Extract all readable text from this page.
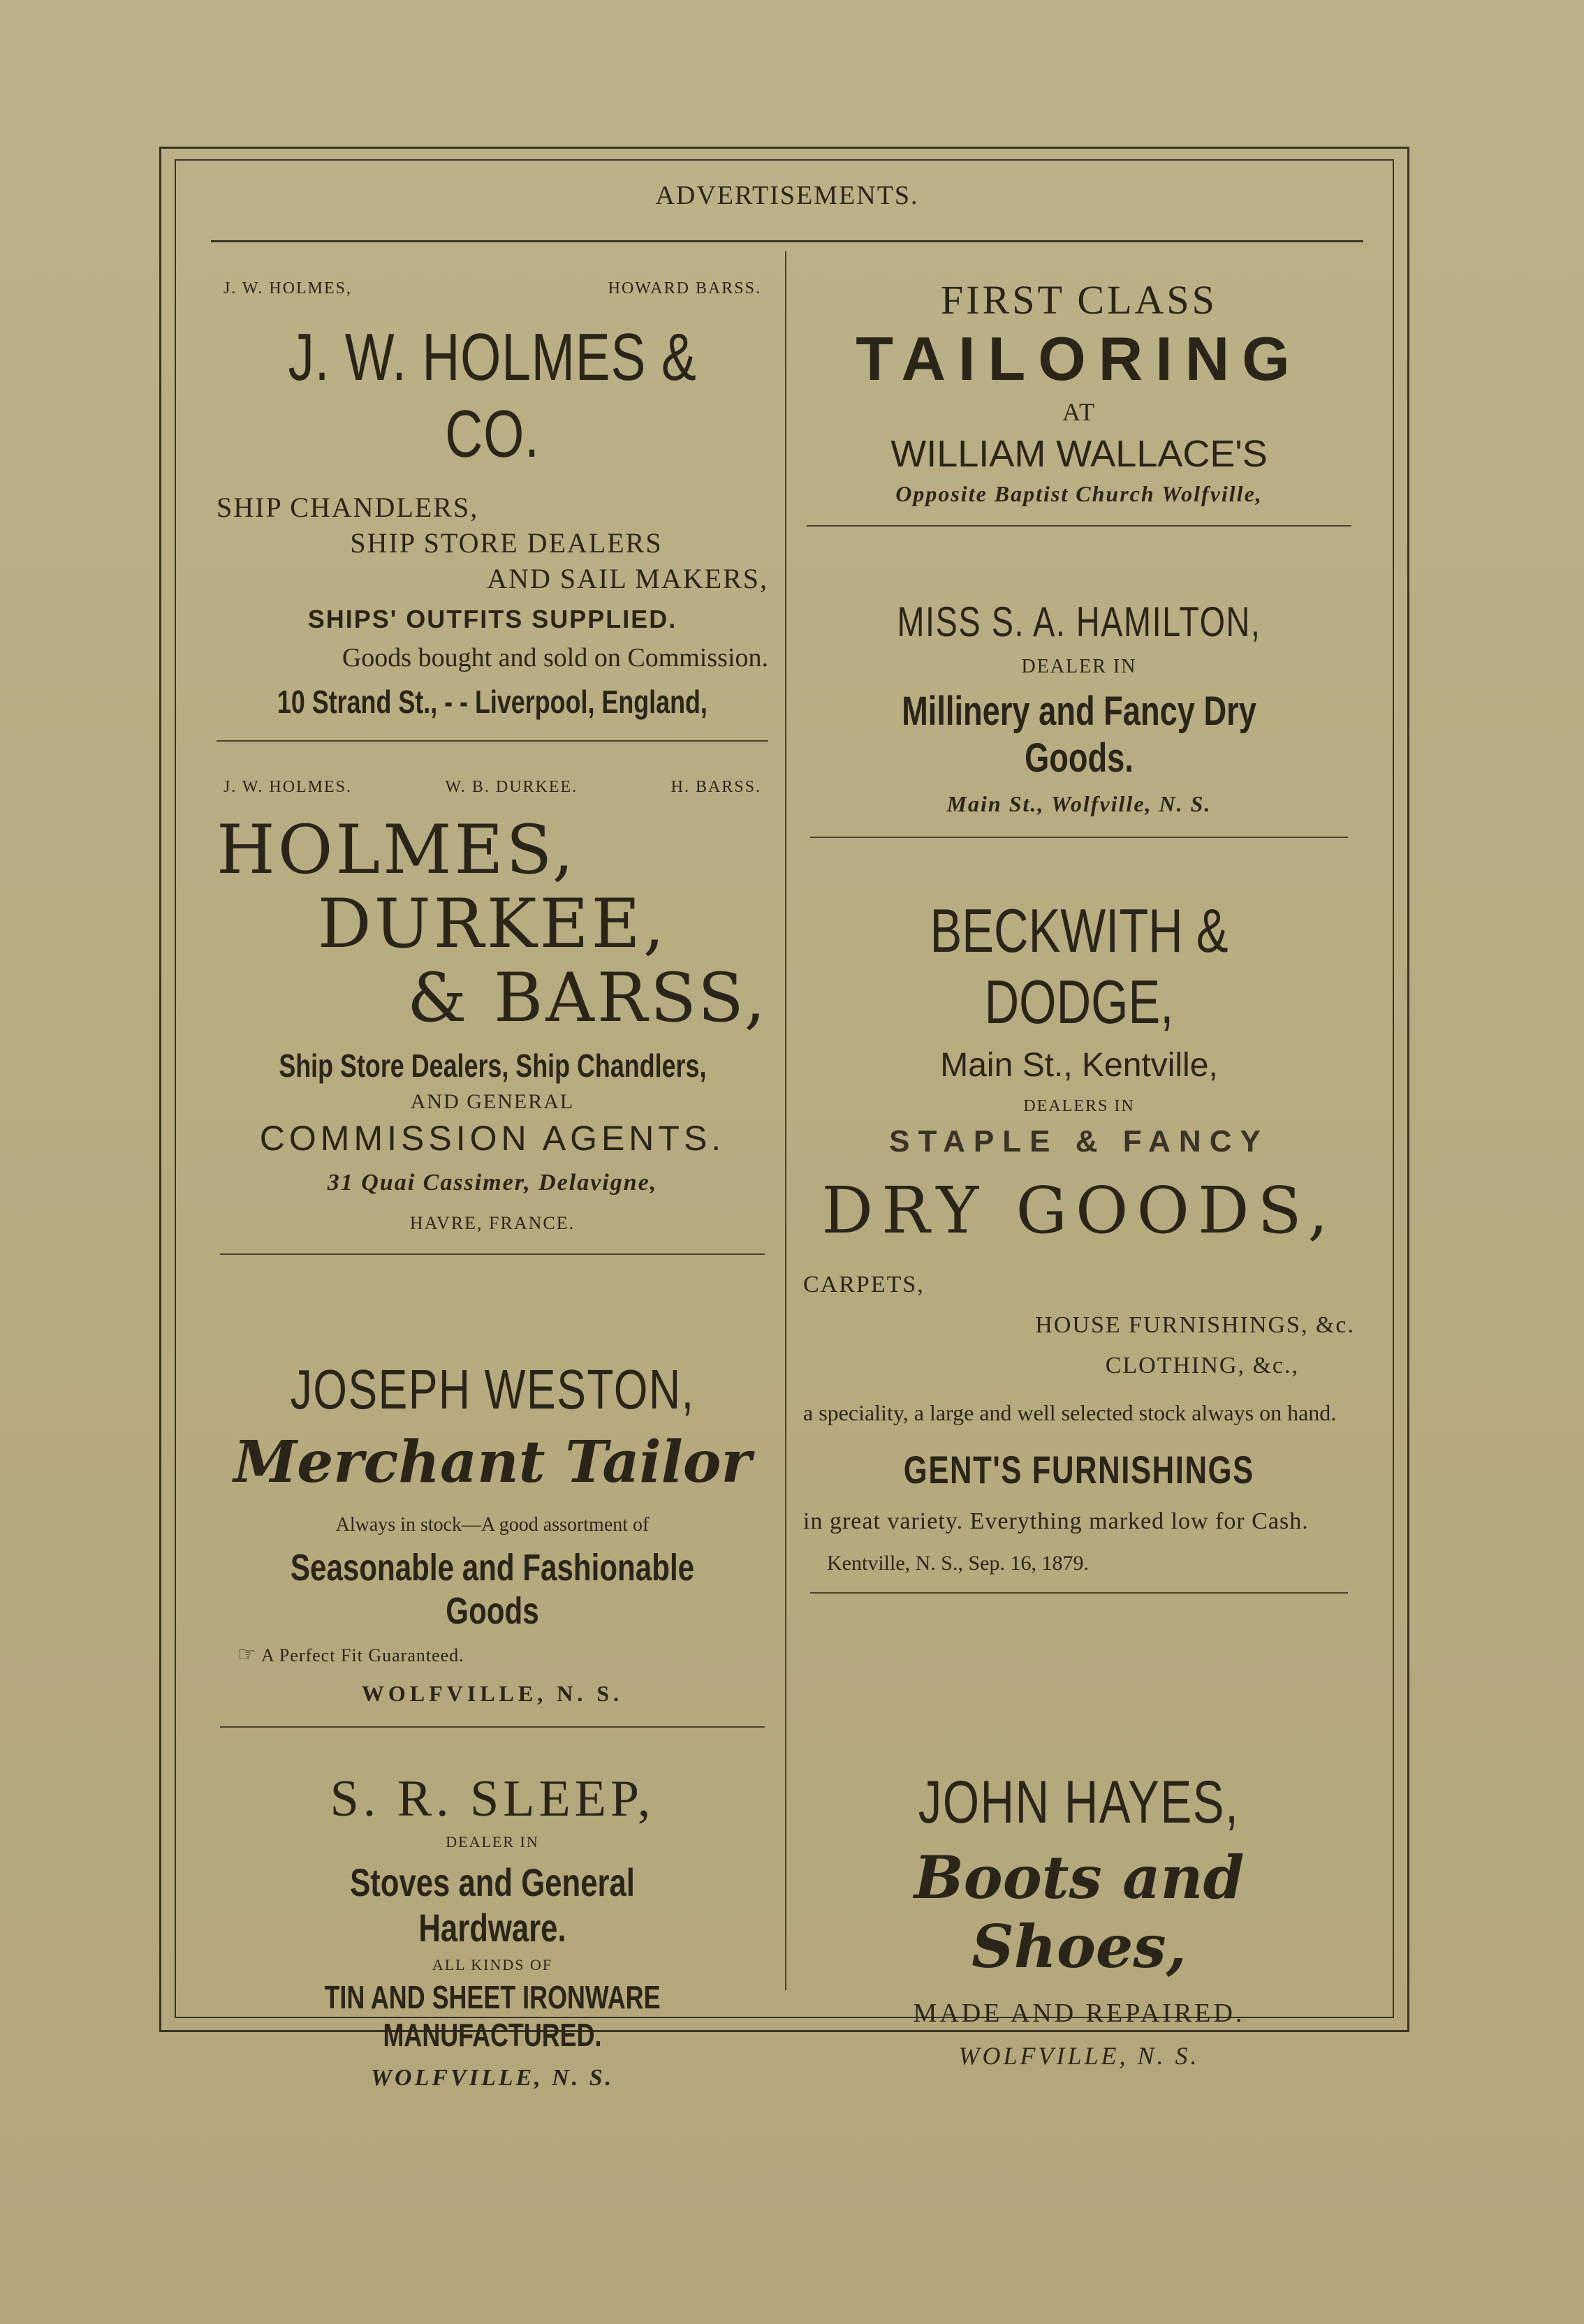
ADVERTISEMENTS.
J. W. HOLMES,	HOWARD BARSS.
J. W. HOLMES & CO.
SHIP CHANDLERS,
SHIP STORE DEALERS
AND SAIL MAKERS,
SHIPS' OUTFITS SUPPLIED.
Goods bought and sold on Commission.
10 Strand St., - - Liverpool, England,
J. W. HOLMES.	W. B. DURKEE.	H. BARSS.
HOLMES,
DURKEE,
& BARSS,
Ship Store Dealers, Ship Chandlers,
AND GENERAL
COMMISSION AGENTS.
31 Quai Cassimer, Delavigne,
HAVRE, FRANCE.
JOSEPH WESTON,
Merchant Tailor
Always in stock—A good assortment of
Seasonable and Fashionable Goods
☞ A Perfect Fit Guaranteed.
WOLFVILLE, N. S.
S. R. SLEEP,
DEALER IN
Stoves and General Hardware.
ALL KINDS OF
TIN AND SHEET IRONWARE MANUFACTURED.
WOLFVILLE, N. S.
FIRST CLASS
TAILORING
AT
WILLIAM WALLACE'S
Opposite Baptist Church Wolfville,
MISS S. A. HAMILTON,
DEALER IN
Millinery and Fancy Dry Goods.
Main St., Wolfville, N. S.
BECKWITH & DODGE,
Main St., Kentville,
DEALERS IN
STAPLE & FANCY
DRY GOODS,
CARPETS,
HOUSE FURNISHINGS, &c.
CLOTHING, &c.,
a speciality, a large and well selected stock always on hand.
GENT'S FURNISHINGS
in great variety. Everything marked low for Cash.
Kentville, N. S., Sep. 16, 1879.
JOHN HAYES,
Boots and Shoes,
MADE AND REPAIRED.
WOLFVILLE, N. S.
